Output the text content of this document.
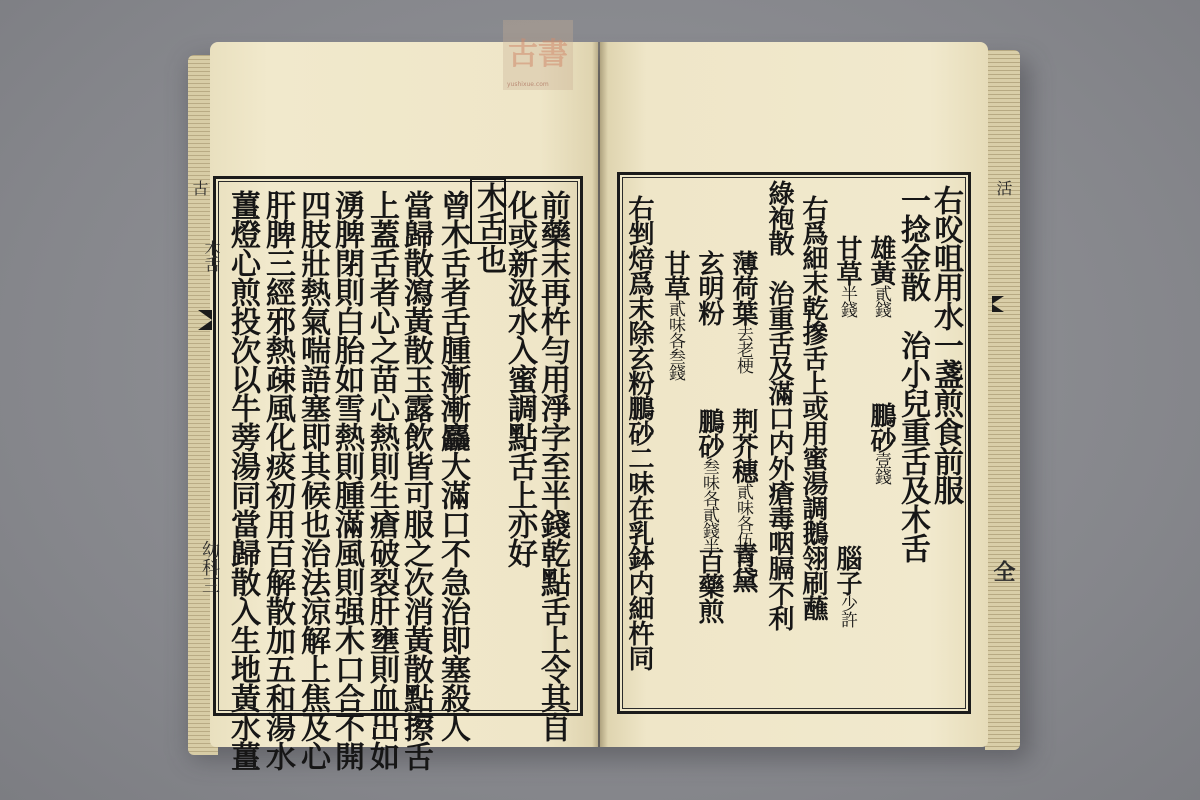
古書
yushixue.com
古
木舌
幼科三
活
全
前藥末再杵勻用淨字至半錢乾點舌上令其自
化或新汲水入蜜調點舌上亦好
木舌也
曾木舌者舌腫漸漸麤大滿口不急治即塞殺人
當歸散瀉黃散玉露飲皆可服之次消黃散點擦舌
上蓋舌者心之苗心熱則生瘡破裂肝壅則血出如
湧脾閉則白胎如雪熱則腫滿風則强木口合不開
四肢壯熱氣喘語塞即其候也治法涼解上焦及心
肝脾三經邪熱疎風化痰初用百解散加五和湯水
薑燈心煎投次以牛蒡湯同當歸散入生地黃水薑	右㕮咀用水一盞煎食前服
一捻金散　治小兒重舌及木舌
雄黃貳錢
鵬砂壹錢
甘草半錢
腦子少許
右爲細末乾摻舌上或用蜜湯調鵝翎刷蘸
綠袍散　治重舌及滿口内外瘡毒咽膈不利
薄荷葉去老梗
荆芥穗貳味各伍錢
青黛
玄明粉
鵬砂叁味各貳錢半
百藥煎
甘草貳味各叁錢
右剉焙爲末除玄粉鵬砂二味在乳鉢内細杵同
